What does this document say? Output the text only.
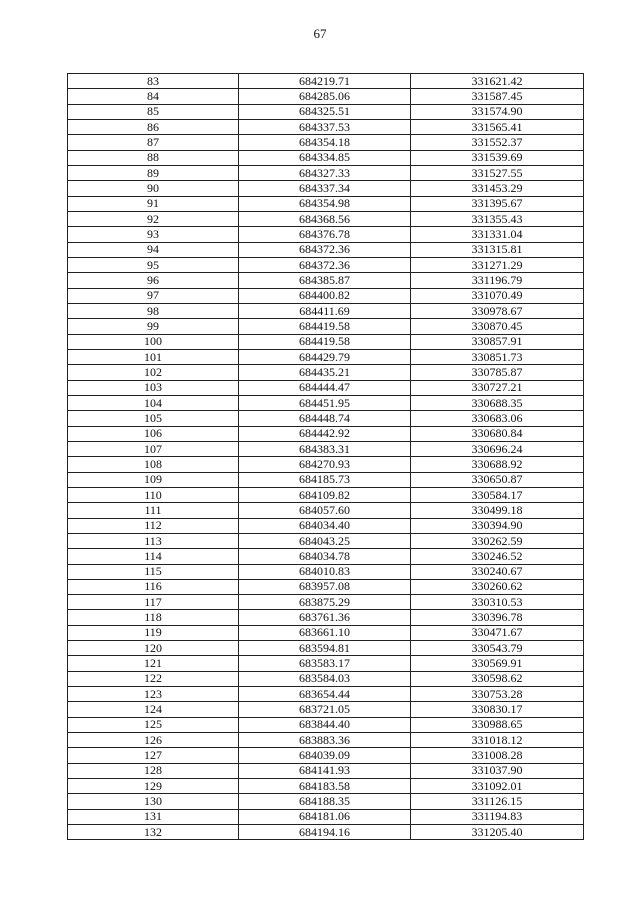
67
83	684219.71	331621.42
84	684285.06	331587.45
85	684325.51	331574.90
86	684337.53	331565.41
87	684354.18	331552.37
88	684334.85	331539.69
89	684327.33	331527.55
90	684337.34	331453.29
91	684354.98	331395.67
92	684368.56	331355.43
93	684376.78	331331.04
94	684372.36	331315.81
95	684372.36	331271.29
96	684385.87	331196.79
97	684400.82	331070.49
98	684411.69	330978.67
99	684419.58	330870.45
100	684419.58	330857.91
101	684429.79	330851.73
102	684435.21	330785.87
103	684444.47	330727.21
104	684451.95	330688.35
105	684448.74	330683.06
106	684442.92	330680.84
107	684383.31	330696.24
108	684270.93	330688.92
109	684185.73	330650.87
110	684109.82	330584.17
111	684057.60	330499.18
112	684034.40	330394.90
113	684043.25	330262.59
114	684034.78	330246.52
115	684010.83	330240.67
116	683957.08	330260.62
117	683875.29	330310.53
118	683761.36	330396.78
119	683661.10	330471.67
120	683594.81	330543.79
121	683583.17	330569.91
122	683584.03	330598.62
123	683654.44	330753.28
124	683721.05	330830.17
125	683844.40	330988.65
126	683883.36	331018.12
127	684039.09	331008.28
128	684141.93	331037.90
129	684183.58	331092.01
130	684188.35	331126.15
131	684181.06	331194.83
132	684194.16	331205.40
